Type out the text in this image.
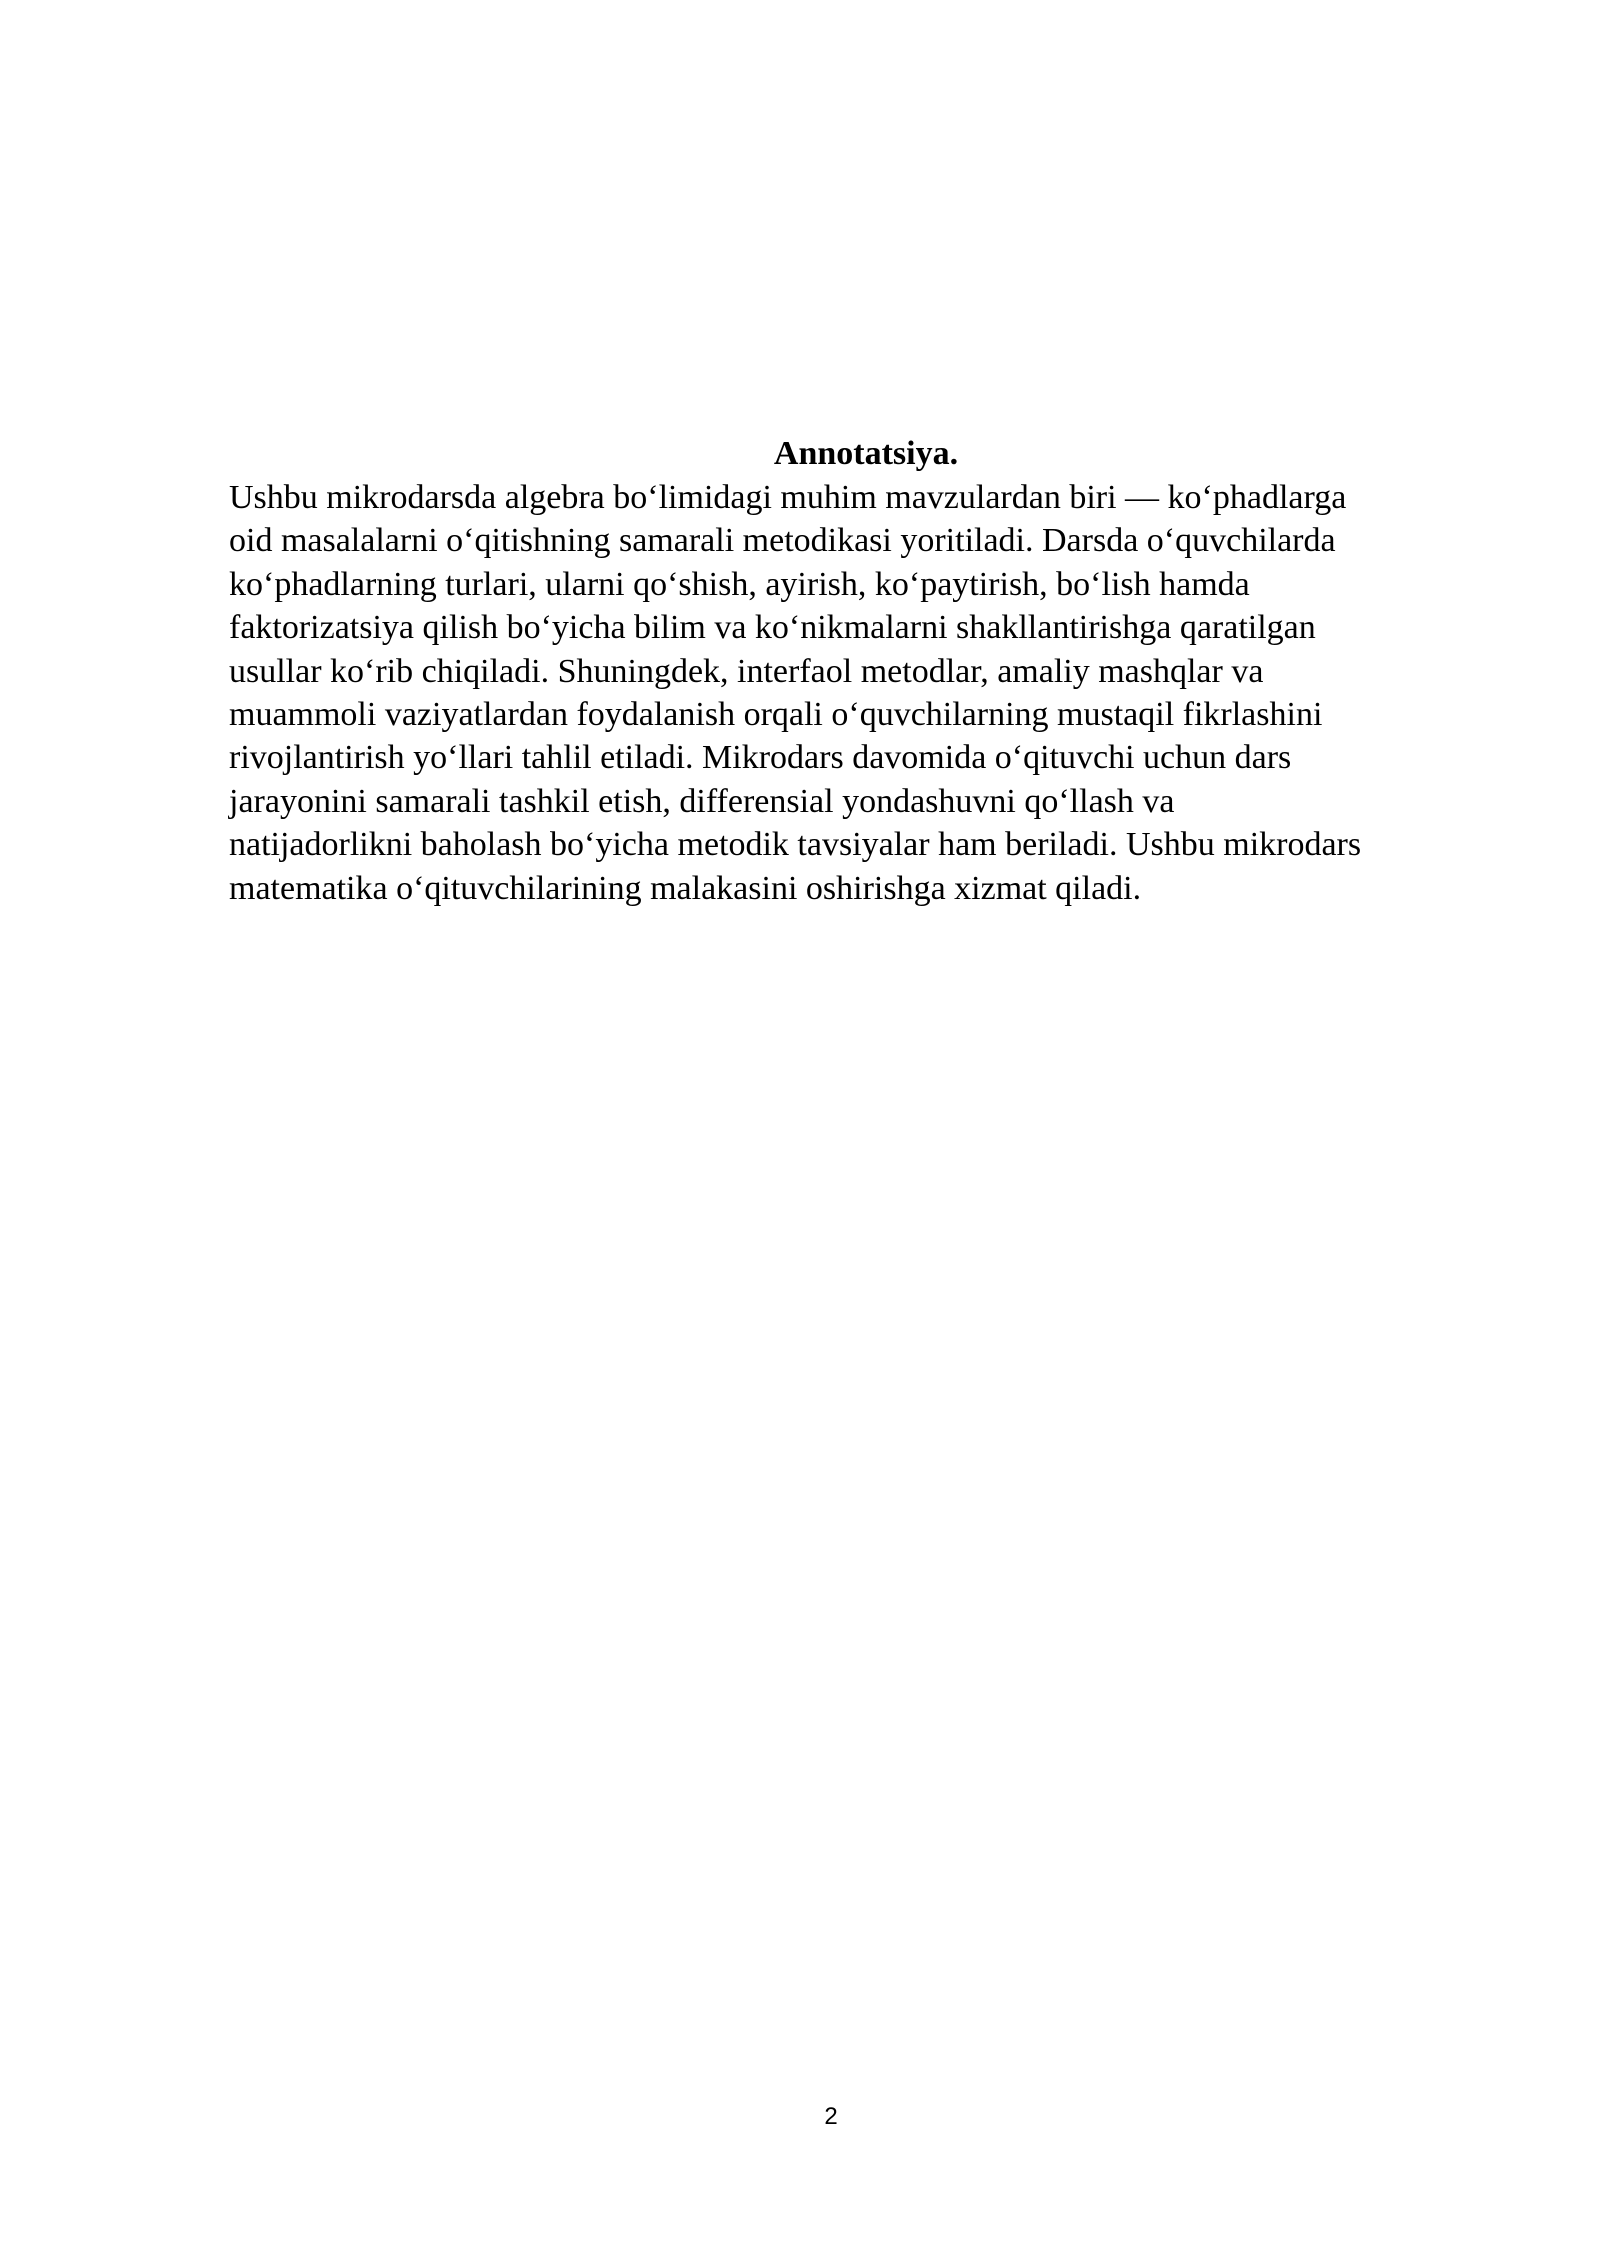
Annotatsiya.

Ushbu mikrodarsda algebra bo‘limidagi muhim mavzulardan biri — ko‘phadlarga
oid masalalarni o‘qitishning samarali metodikasi yoritiladi. Darsda o‘quvchilarda
ko‘phadlarning turlari, ularni qo‘shish, ayirish, ko‘paytirish, bo‘lish hamda
faktorizatsiya qilish bo‘yicha bilim va ko‘nikmalarni shakllantirishga qaratilgan
usullar ko‘rib chiqiladi. Shuningdek, interfaol metodlar, amaliy mashqlar va
muammoli vaziyatlardan foydalanish orqali o‘quvchilarning mustaqil fikrlashini
rivojlantirish yo‘llari tahlil etiladi. Mikrodars davomida o‘qituvchi uchun dars
jarayonini samarali tashkil etish, differensial yondashuvni qo‘llash va
natijadorlikni baholash bo‘yicha metodik tavsiyalar ham beriladi. Ushbu mikrodars
matematika o‘qituvchilarining malakasini oshirishga xizmat qiladi.

2
